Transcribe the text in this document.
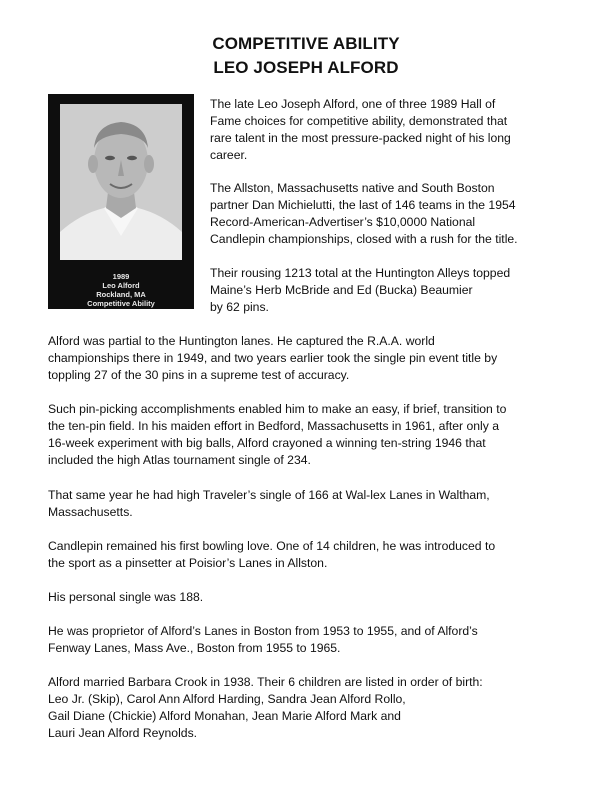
COMPETITIVE ABILITY
LEO JOSEPH ALFORD
1989
Leo Alford
Rockland, MA
Competitive Ability
The late Leo Joseph Alford, one of three 1989 Hall of
Fame choices for competitive ability, demonstrated that
rare talent in the most pressure-packed night of his long
career.
The Allston, Massachusetts native and South Boston
partner Dan Michielutti, the last of 146 teams in the 1954
Record-American-Advertiser’s $10,0000 National
Candlepin championships, closed with a rush for the title.
Their rousing 1213 total at the Huntington Alleys topped
Maine’s Herb McBride and Ed (Bucka) Beaumier
by 62 pins.
Alford was partial to the Huntington lanes. He captured the R.A.A. world
championships there in 1949, and two years earlier took the single pin event title by
toppling 27 of the 30 pins in a supreme test of accuracy.
Such pin-picking accomplishments enabled him to make an easy, if brief, transition to
the ten-pin field. In his maiden effort in Bedford, Massachusetts in 1961, after only a
16-week experiment with big balls, Alford crayoned a winning ten-string 1946 that
included the high Atlas tournament single of 234.
That same year he had high Traveler’s single of 166 at Wal-lex Lanes in Waltham,
Massachusetts.
Candlepin remained his first bowling love. One of 14 children, he was introduced to
the sport as a pinsetter at Poisior’s Lanes in Allston.
His personal single was 188.
He was proprietor of Alford’s Lanes in Boston from 1953 to 1955, and of Alford’s
Fenway Lanes, Mass Ave., Boston from 1955 to 1965.
Alford married Barbara Crook in 1938. Their 6 children are listed in order of birth:
Leo Jr. (Skip), Carol Ann Alford Harding, Sandra Jean Alford Rollo,
Gail Diane (Chickie) Alford Monahan, Jean Marie Alford Mark and
Lauri Jean Alford Reynolds.
